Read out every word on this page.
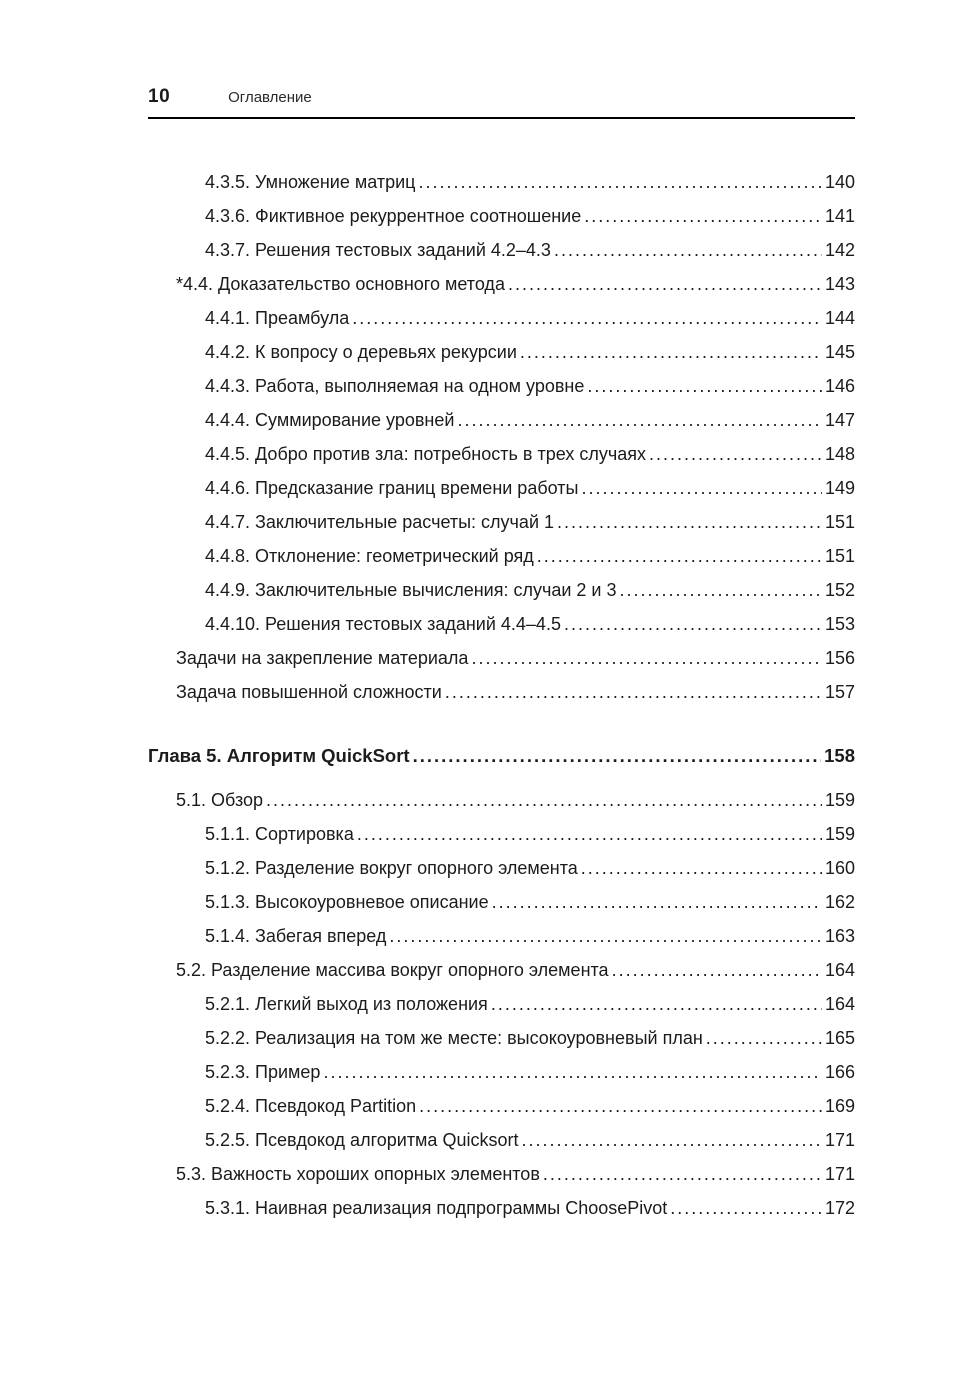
10	Оглавление
4.3.5. Умножение матриц .....	140
4.3.6. Фиктивное рекуррентное соотношение .....	141
4.3.7. Решения тестовых заданий 4.2–4.3 .....	142
*4.4. Доказательство основного метода .....	143
4.4.1. Преамбула .....	144
4.4.2. К вопросу о деревьях рекурсии .....	145
4.4.3. Работа, выполняемая на одном уровне .....	146
4.4.4. Суммирование уровней .....	147
4.4.5. Добро против зла: потребность в трех случаях .....	148
4.4.6. Предсказание границ времени работы .....	149
4.4.7. Заключительные расчеты: случай 1 .....	151
4.4.8. Отклонение: геометрический ряд .....	151
4.4.9. Заключительные вычисления: случаи 2 и 3 .....	152
4.4.10. Решения тестовых заданий 4.4–4.5 .....	153
Задачи на закрепление материала .....	156
Задача повышенной сложности .....	157
Глава 5. Алгоритм QuickSort .....	158
5.1. Обзор .....	159
5.1.1. Сортировка .....	159
5.1.2. Разделение вокруг опорного элемента .....	160
5.1.3. Высокоуровневое описание .....	162
5.1.4. Забегая вперед .....	163
5.2. Разделение массива вокруг опорного элемента .....	164
5.2.1. Легкий выход из положения .....	164
5.2.2. Реализация на том же месте: высокоуровневый план .....	165
5.2.3. Пример .....	166
5.2.4. Псевдокод Partition .....	169
5.2.5. Псевдокод алгоритма Quicksort .....	171
5.3. Важность хороших опорных элементов .....	171
5.3.1. Наивная реализация подпрограммы ChoosePivot .....	172
